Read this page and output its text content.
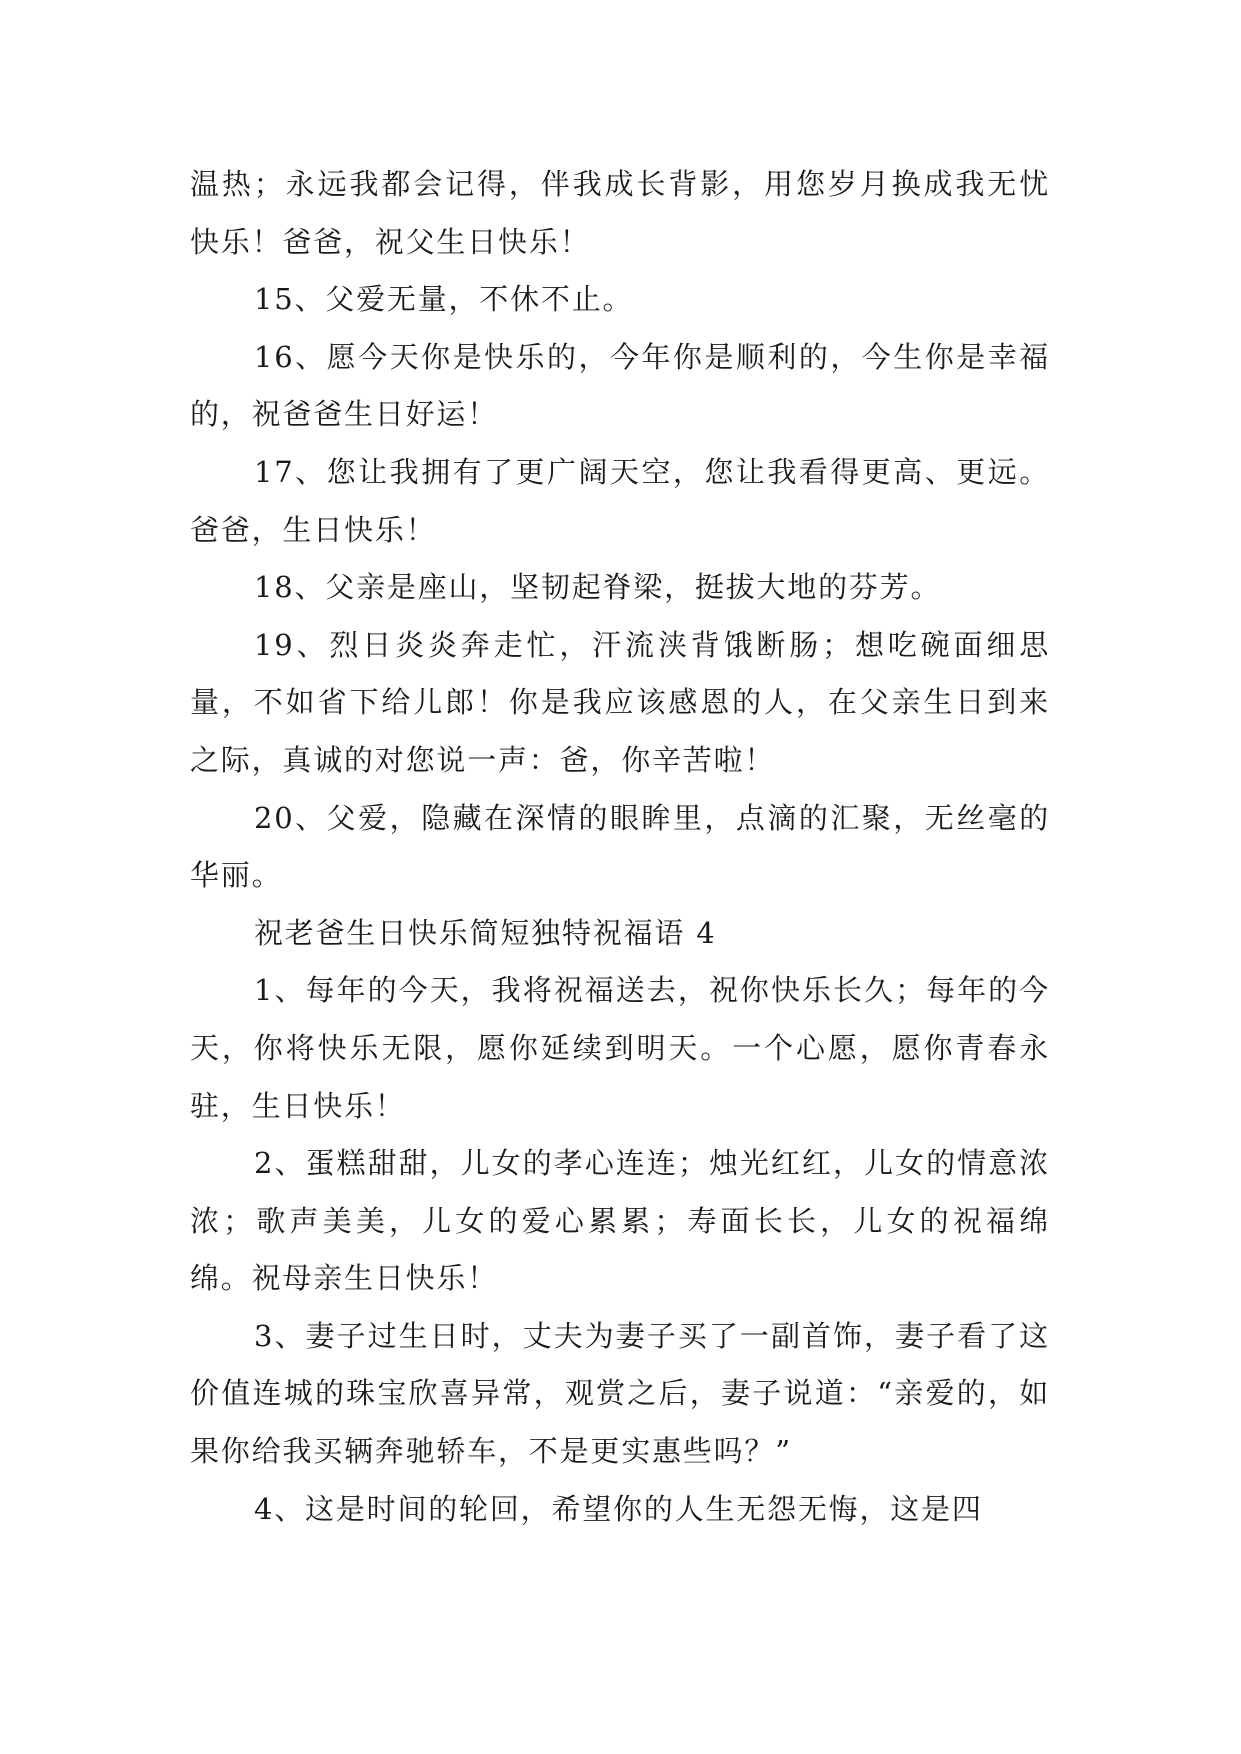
温热；永远我都会记得，伴我成长背影，用您岁月换成我无忧快乐！爸爸，祝父生日快乐！

15、父爱无量，不休不止。

16、愿今天你是快乐的，今年你是顺利的，今生你是幸福的，祝爸爸生日好运！

17、您让我拥有了更广阔天空，您让我看得更高、更远。爸爸，生日快乐！

18、父亲是座山，坚韧起脊梁，挺拔大地的芬芳。

19、烈日炎炎奔走忙，汗流浃背饿断肠；想吃碗面细思量，不如省下给儿郎！你是我应该感恩的人，在父亲生日到来之际，真诚的对您说一声：爸，你辛苦啦！

20、父爱，隐藏在深情的眼眸里，点滴的汇聚，无丝毫的华丽。

祝老爸生日快乐简短独特祝福语 4

1、每年的今天，我将祝福送去，祝你快乐长久；每年的今天，你将快乐无限，愿你延续到明天。一个心愿，愿你青春永驻，生日快乐！

2、蛋糕甜甜，儿女的孝心连连；烛光红红，儿女的情意浓浓；歌声美美，儿女的爱心累累；寿面长长，儿女的祝福绵绵。祝母亲生日快乐！

3、妻子过生日时，丈夫为妻子买了一副首饰，妻子看了这价值连城的珠宝欣喜异常，观赏之后，妻子说道：“亲爱的，如果你给我买辆奔驰轿车，不是更实惠些吗？”

4、这是时间的轮回，希望你的人生无怨无悔，这是四
